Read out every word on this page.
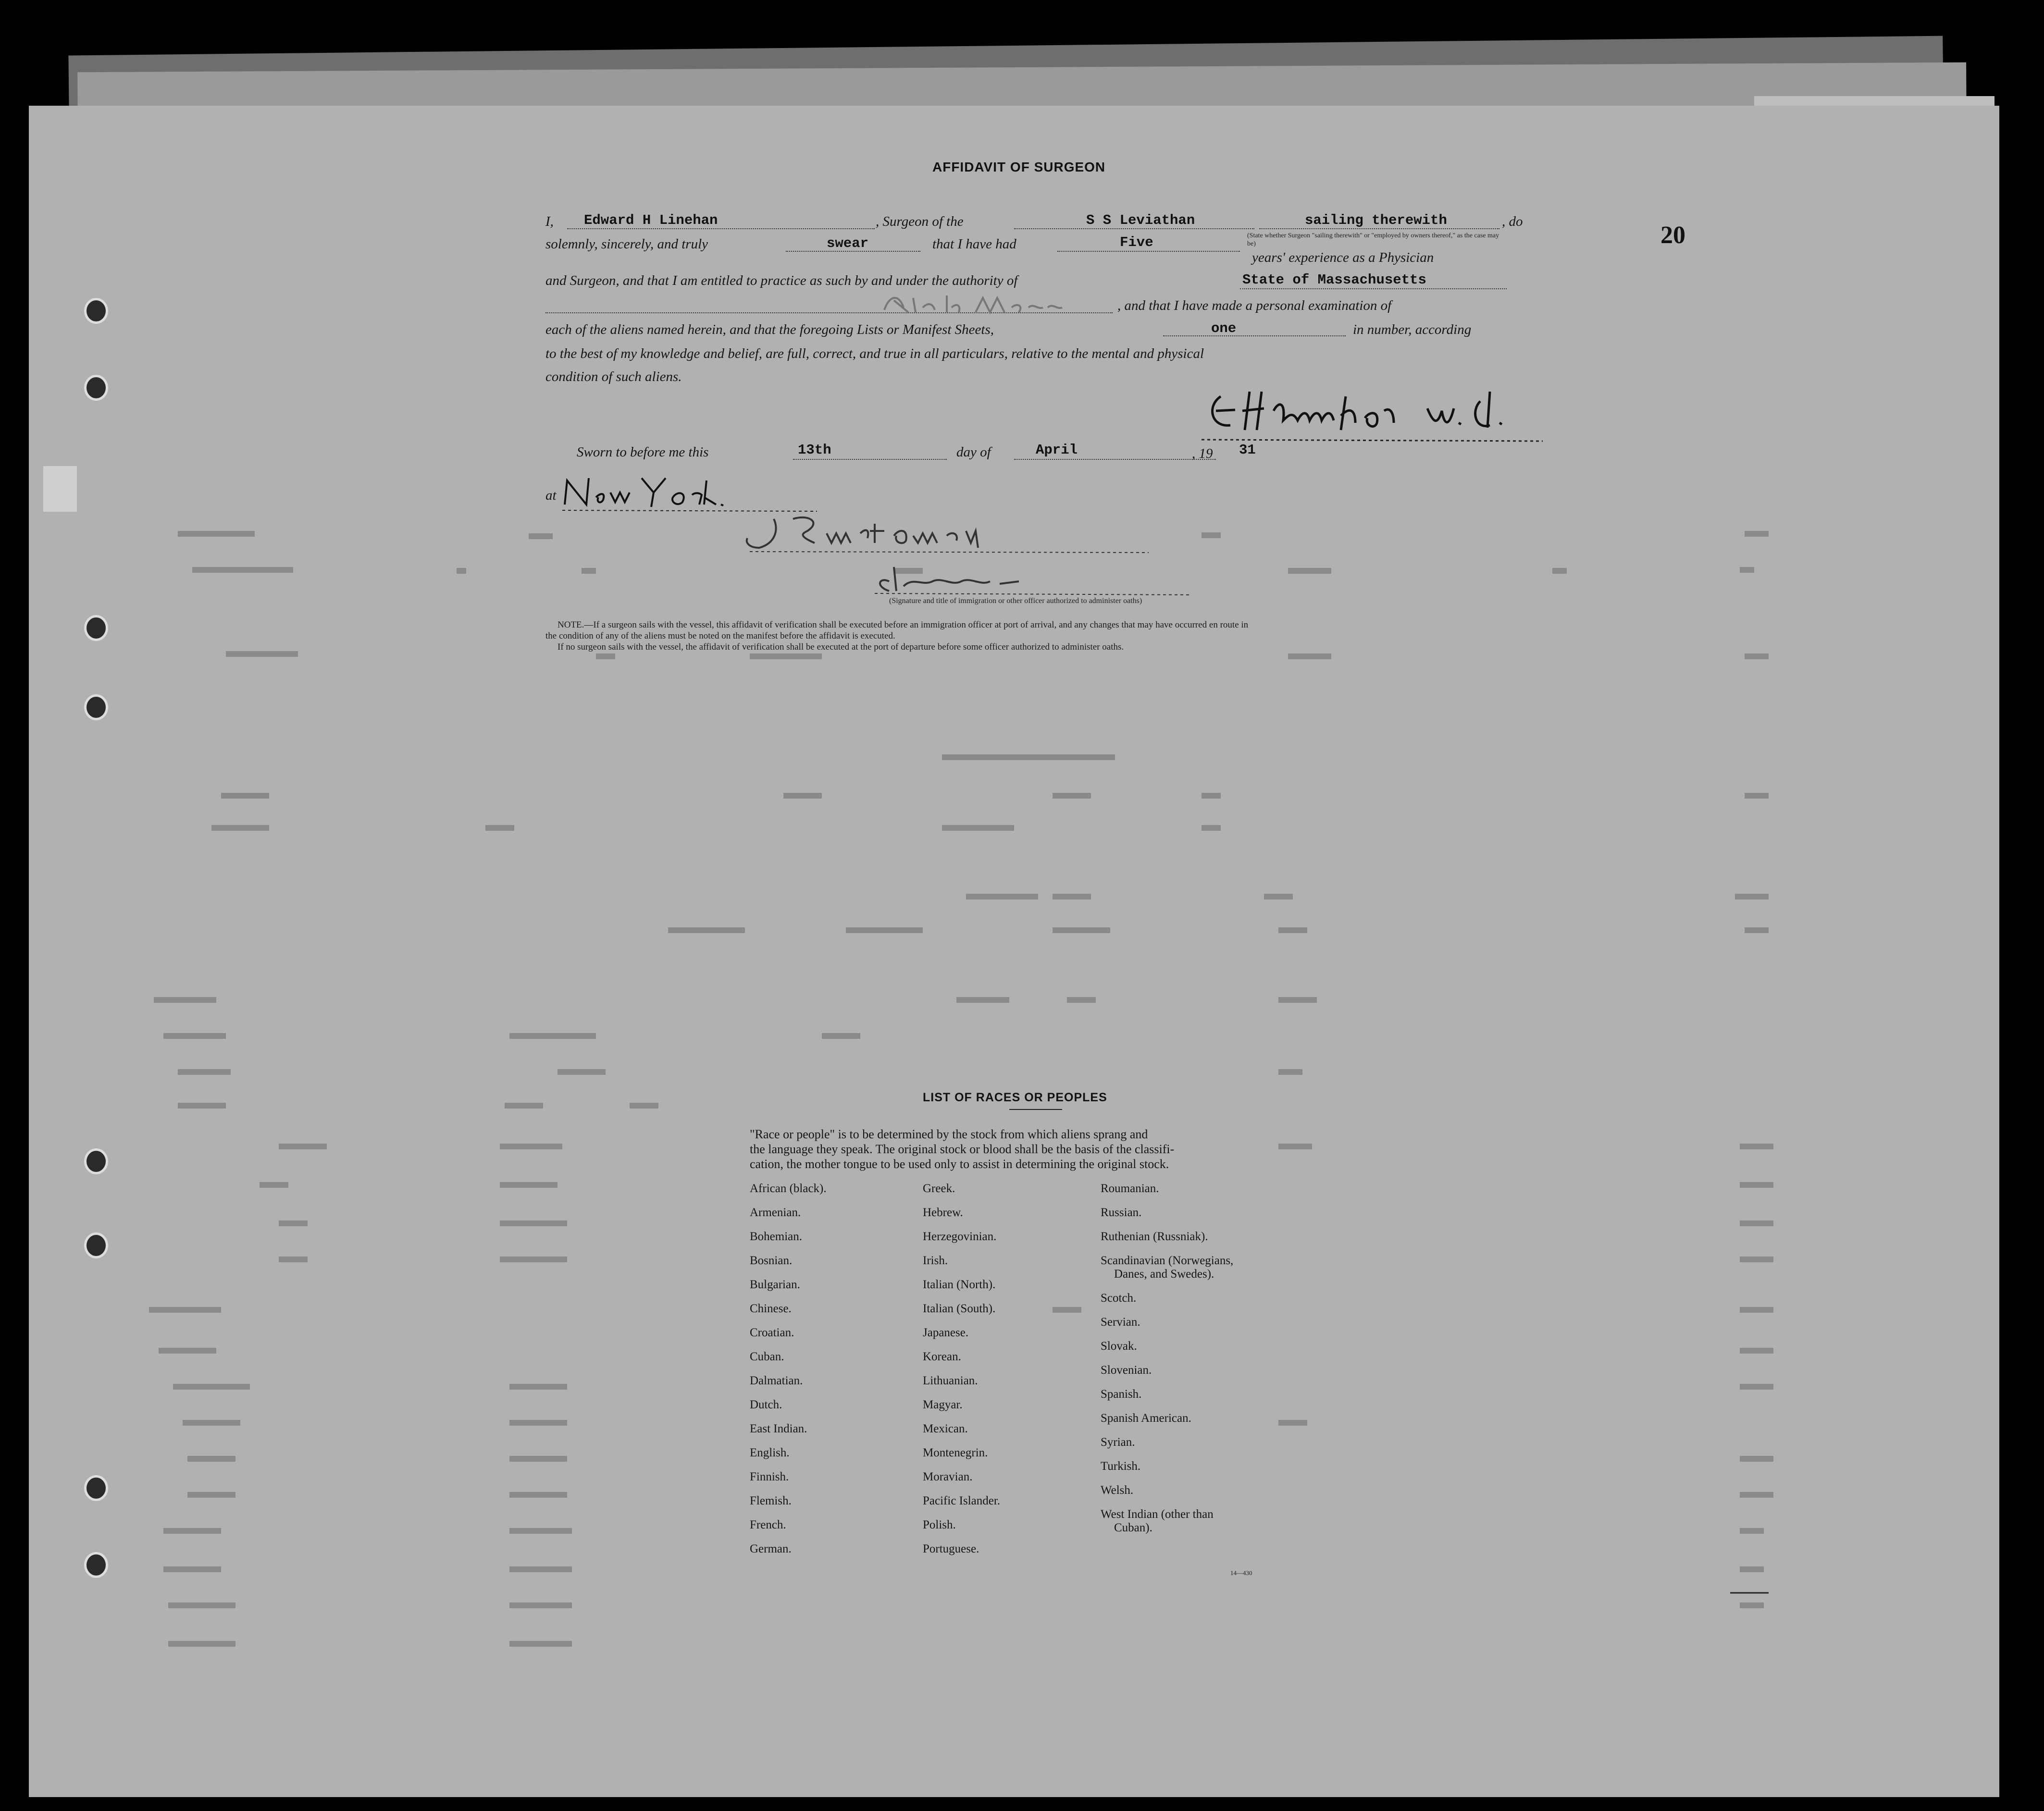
AFFIDAVIT OF SURGEON
20
I, Edward H Linehan	, Surgeon of the	S S Leviathan	sailing therewith	, do
(State whether Surgeon "sailing therewith" or "employed by owners thereof," as the case may be)
solemnly, sincerely, and truly	swear	that I have had	Five
years' experience as a Physician
and Surgeon, and that I am entitled to practice as such by and under the authority of	State of Massachusetts
, and that I have made a personal examination of
each of the aliens named herein, and that the foregoing Lists or Manifest Sheets,	one	in number, according
to the best of my knowledge and belief, are full, correct, and true in all particulars, relative to the mental and physical
condition of such aliens.
Sworn to before me this	13th	day of	April	, 19 31
at
(Signature and title of immigration or other officer authorized to administer oaths)
NOTE.—If a surgeon sails with the vessel, this affidavit of verification shall be executed before an immigration officer at port of arrival, and any changes that may have occurred en route in
the condition of any of the aliens must be noted on the manifest before the affidavit is executed.
If no surgeon sails with the vessel, the affidavit of verification shall be executed at the port of departure before some officer authorized to administer oaths.
LIST OF RACES OR PEOPLES
"Race or people" is to be determined by the stock from which aliens sprang and
the language they speak. The original stock or blood shall be the basis of the classifi-
cation, the mother tongue to be used only to assist in determining the original stock.
African (black).
Armenian.
Bohemian.
Bosnian.
Bulgarian.
Chinese.
Croatian.
Cuban.
Dalmatian.
Dutch.
East Indian.
English.
Finnish.
Flemish.
French.
German.
Greek.
Hebrew.
Herzegovinian.
Irish.
Italian (North).
Italian (South).
Japanese.
Korean.
Lithuanian.
Magyar.
Mexican.
Montenegrin.
Moravian.
Pacific Islander.
Polish.
Portuguese.
Roumanian.
Russian.
Ruthenian (Russniak).
Scandinavian (Norwegians,
Danes, and Swedes).
Scotch.
Servian.
Slovak.
Slovenian.
Spanish.
Spanish American.
Syrian.
Turkish.
Welsh.
West Indian (other than
Cuban).
14—430
